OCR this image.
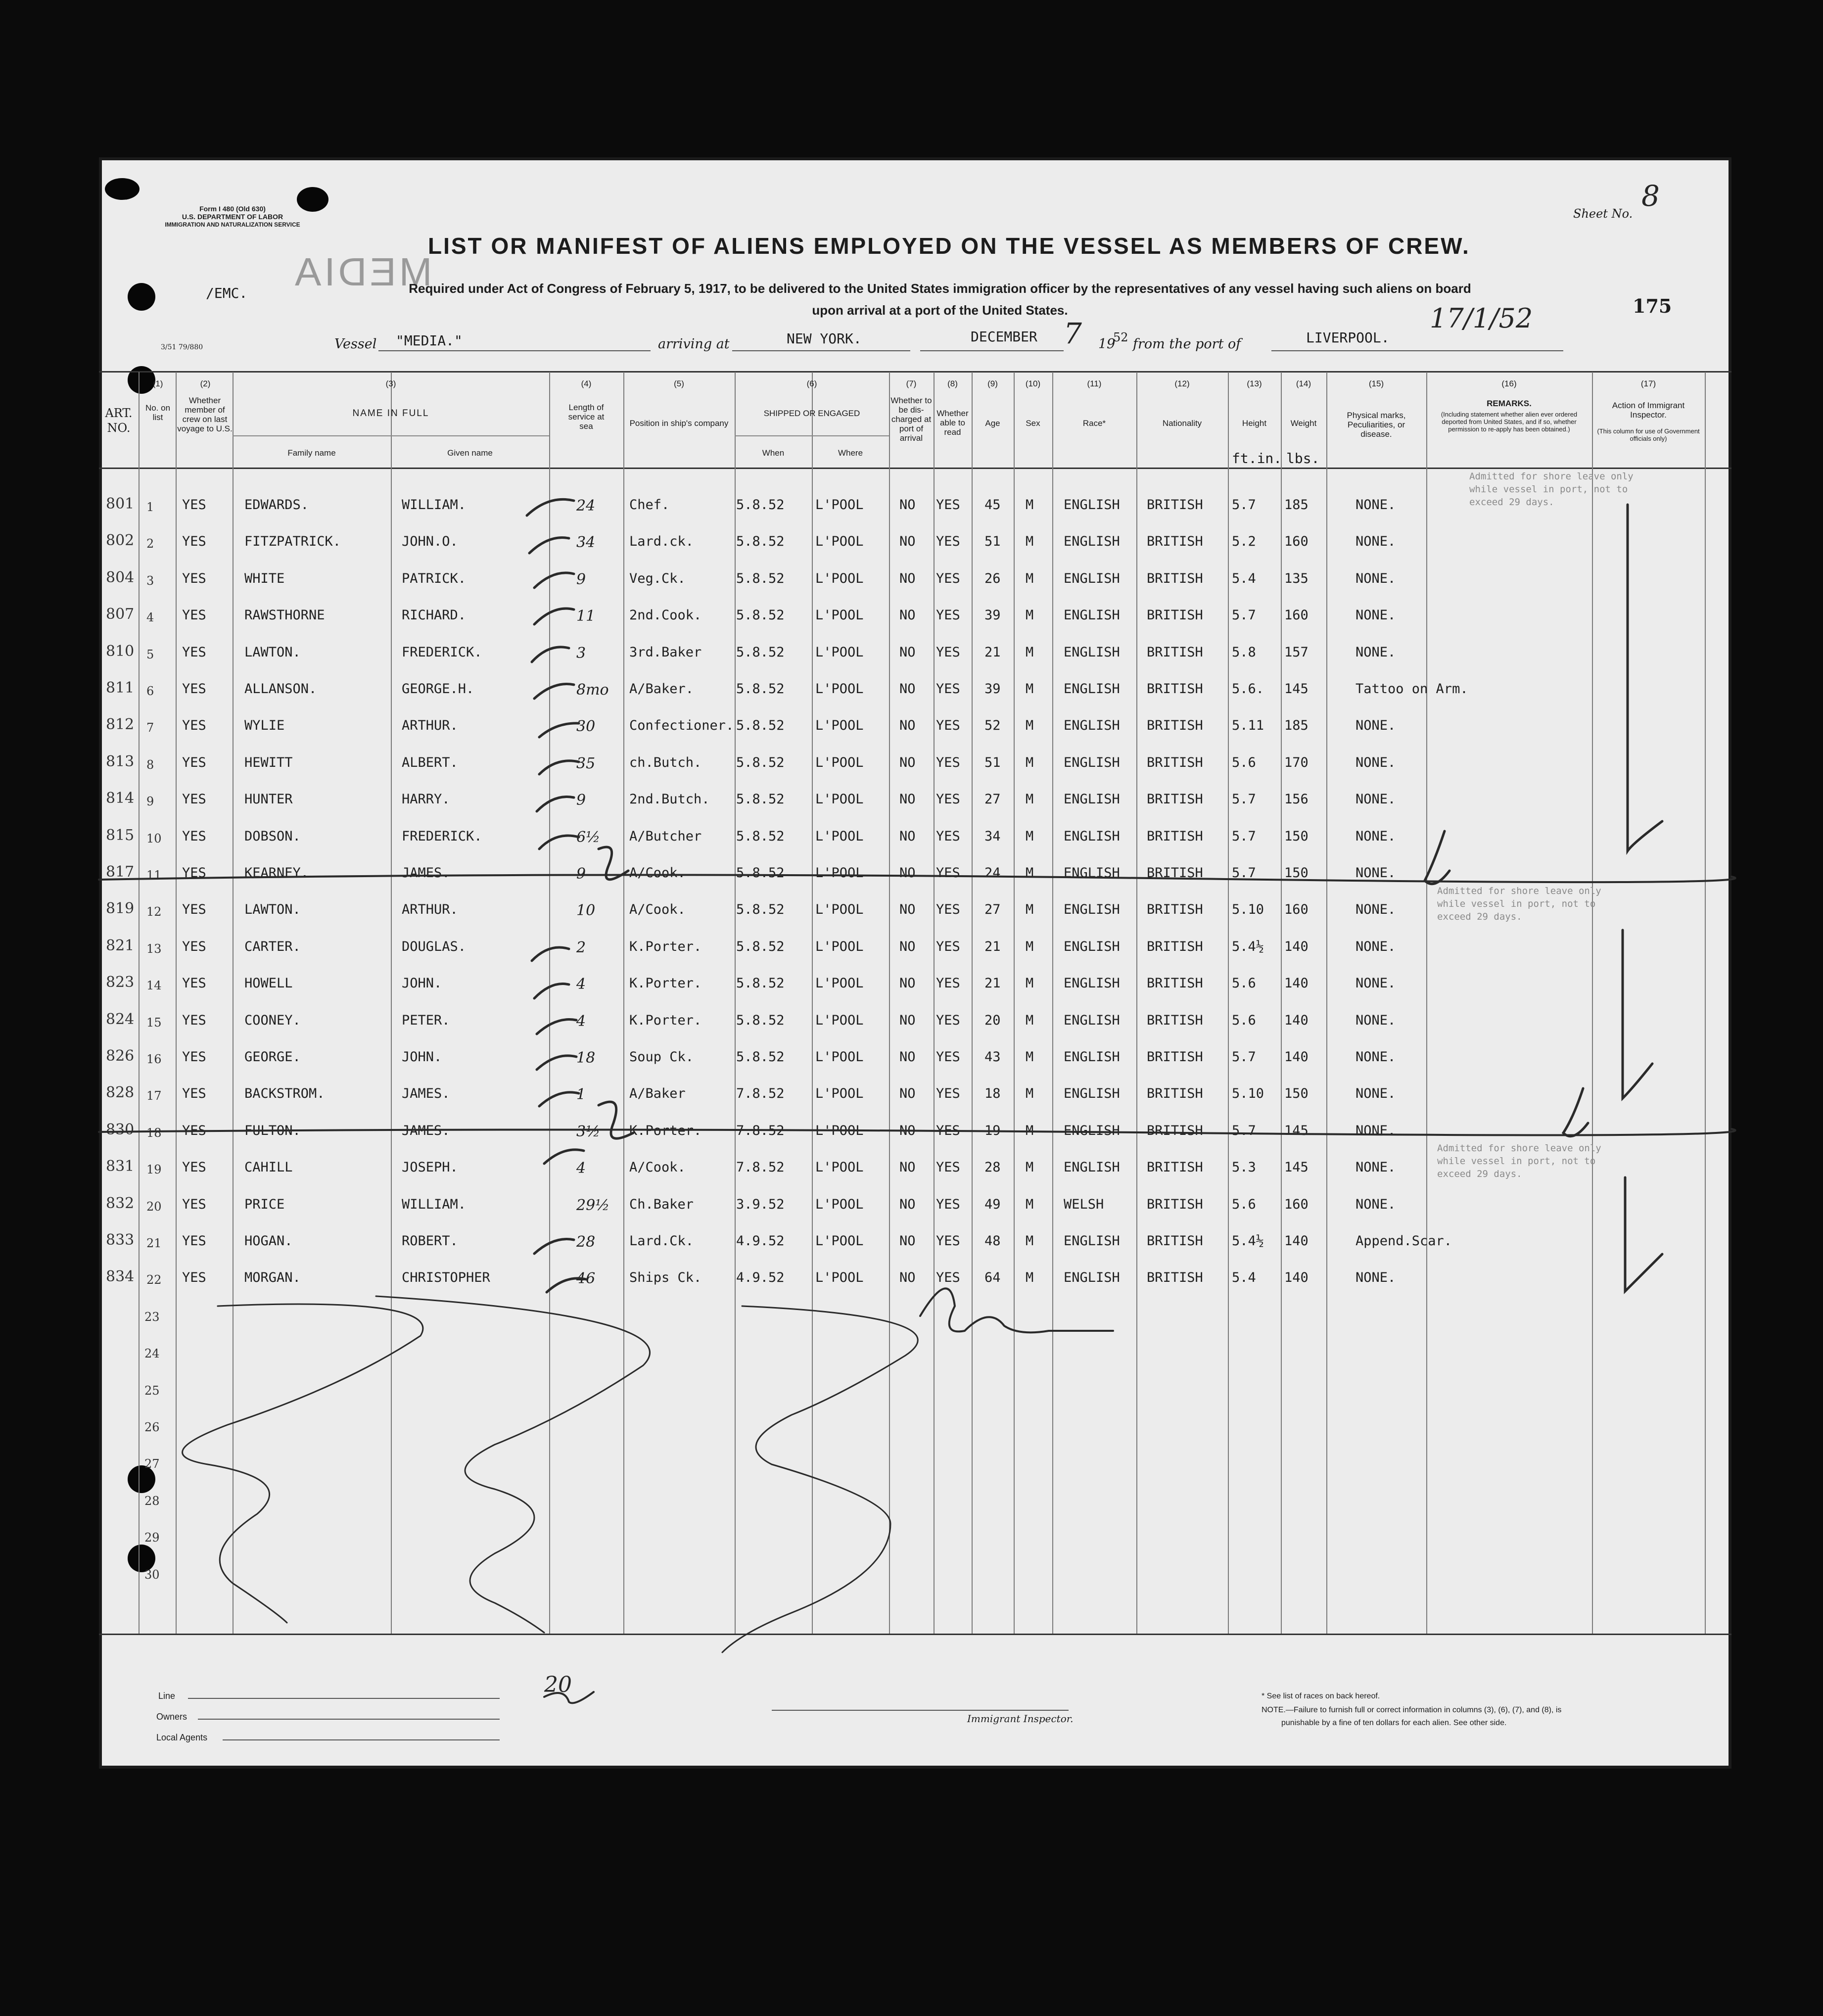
Form I 480 (Old 630)
U.S. DEPARTMENT OF LABOR
IMMIGRATION AND NATURALIZATION SERVICE
Sheet No.
8
LIST OR MANIFEST OF ALIENS EMPLOYED ON THE VESSEL AS MEMBERS OF CREW.
MEDIA
Required under Act of Congress of February 5, 1917, to be delivered to the United States immigration officer by the representatives of any vessel having such aliens on board
upon arrival at a port of the United States.
/EMC.
175
3/51 79/880	Vessel "MEDIA."	arriving at	NEW YORK.	DECEMBER 7 19
52 from the port of	LIVERPOOL.
17/1/52
ART. NO.
(1)
No. on list
(2)
Whether member of crew on last voyage to U.S.
(3)
NAME IN FULL
Family name	Given name
(4)
Length of service at sea
(5)
Position in ship's company
(6)
SHIPPED OR ENGAGED
When	Where
(7)
Whether to be dis-charged at port of arrival
(8)
Whether able to read
(9)
Age
(10)
Sex
(11)
Race*
(12)
Nationality
(13)
Height
(14)
Weight
(15)
Physical marks, Peculiarities, or disease.
(16)
REMARKS.
(Including statement whether alien ever ordered deported from United States, and if so, whether permission to re-apply has been obtained.)
(17)
Action of Immigrant Inspector.
(This column for use of Government officials only)
ft.in. lbs.
801 1 YES	EDWARDS.	WILLIAM.	24	Chef.	5.8.52 L'POOL	NO YES 45 M ENGLISH BRITISH 5.7 185	NONE.
802 2 YES	FITZPATRICK.	JOHN.O.	34	Lard.ck.	5.8.52 L'POOL	NO YES 51 M ENGLISH BRITISH 5.2 160	NONE.
804 3 YES	WHITE	PATRICK.	9	Veg.Ck.	5.8.52 L'POOL	NO YES 26 M ENGLISH BRITISH 5.4 135	NONE.
807 4 YES	RAWSTHORNE	RICHARD.	11	2nd.Cook.	5.8.52 L'POOL	NO YES 39 M ENGLISH BRITISH 5.7 160	NONE.
810 5 YES	LAWTON.	FREDERICK.	3	3rd.Baker	5.8.52 L'POOL	NO YES 21 M ENGLISH BRITISH 5.8 157	NONE.
811 6 YES	ALLANSON.	GEORGE.H.	8mo A/Baker.	5.8.52 L'POOL	NO YES 39 M ENGLISH BRITISH 5.6. 145	Tattoo on Arm.
812 7 YES	WYLIE	ARTHUR.	30	Confectioner. 5.8.52 L'POOL	NO YES 52 M ENGLISH BRITISH 5.11 185	NONE.
813 8 YES	HEWITT	ALBERT.	35	ch.Butch.	5.8.52 L'POOL	NO YES 51 M ENGLISH BRITISH 5.6 170	NONE.
814 9 YES	HUNTER	HARRY.	9	2nd.Butch. 5.8.52 L'POOL	NO YES 27 M ENGLISH BRITISH 5.7 156	NONE.
815 10 YES	DOBSON.	FREDERICK.	6½ A/Butcher	5.8.52 L'POOL	NO YES 34 M ENGLISH BRITISH 5.7 150	NONE.
817 11 YES	KEARNEY.	JAMES.	9	A/Cook.	5.8.52 L'POOL	NO YES 24 M ENGLISH BRITISH 5.7 150	NONE.
819 12 YES	LAWTON.	ARTHUR.	10	A/Cook.	5.8.52 L'POOL	NO YES 27 M ENGLISH BRITISH 5.10 160	NONE.
821 13 YES	CARTER.	DOUGLAS.	2	K.Porter.	5.8.52 L'POOL	NO YES 21 M ENGLISH BRITISH 5.4½ 140	NONE.
823 14 YES	HOWELL	JOHN.	4	K.Porter.	5.8.52 L'POOL	NO YES 21 M ENGLISH BRITISH 5.6 140	NONE.
824 15 YES	COONEY.	PETER.	4	K.Porter.	5.8.52 L'POOL	NO YES 20 M ENGLISH BRITISH 5.6 140	NONE.
826 16 YES	GEORGE.	JOHN.	18	Soup Ck.	5.8.52 L'POOL	NO YES 43 M ENGLISH BRITISH 5.7 140	NONE.
828 17 YES	BACKSTROM.	JAMES.	1	A/Baker	7.8.52 L'POOL	NO YES 18 M ENGLISH BRITISH 5.10 150	NONE.
830 18 YES	FULTON.	JAMES.	3½ K.Porter.	7.8.52 L'POOL	NO YES 19 M ENGLISH BRITISH 5.7 145	NONE.
831 19 YES	CAHILL	JOSEPH.	4	A/Cook.	7.8.52 L'POOL	NO YES 28 M ENGLISH BRITISH 5.3 145	NONE.
832 20 YES	PRICE	WILLIAM.	29½ Ch.Baker	3.9.52 L'POOL	NO YES 49 M WELSH	BRITISH 5.6 160	NONE.
833 21 YES	HOGAN.	ROBERT.	28	Lard.Ck.	4.9.52 L'POOL	NO YES 48 M ENGLISH BRITISH 5.4½ 140	Append.Scar.
834 22 YES	MORGAN.	CHRISTOPHER	46	Ships Ck.	4.9.52 L'POOL	NO YES 64 M ENGLISH BRITISH 5.4 140	NONE.
23
24
25
26
27
28
29
30
Admitted for shore leave only
while vessel in port, not to
exceed 29 days.
Admitted for shore leave only
while vessel in port, not to
exceed 29 days.
Admitted for shore leave only
while vessel in port, not to
exceed 29 days.
Line
Owners
Local Agents
20
Immigrant Inspector.
* See list of races on back hereof.
NOTE.—Failure to furnish full or correct information in columns (3), (6), (7), and (8), is
punishable by a fine of ten dollars for each alien. See other side.
